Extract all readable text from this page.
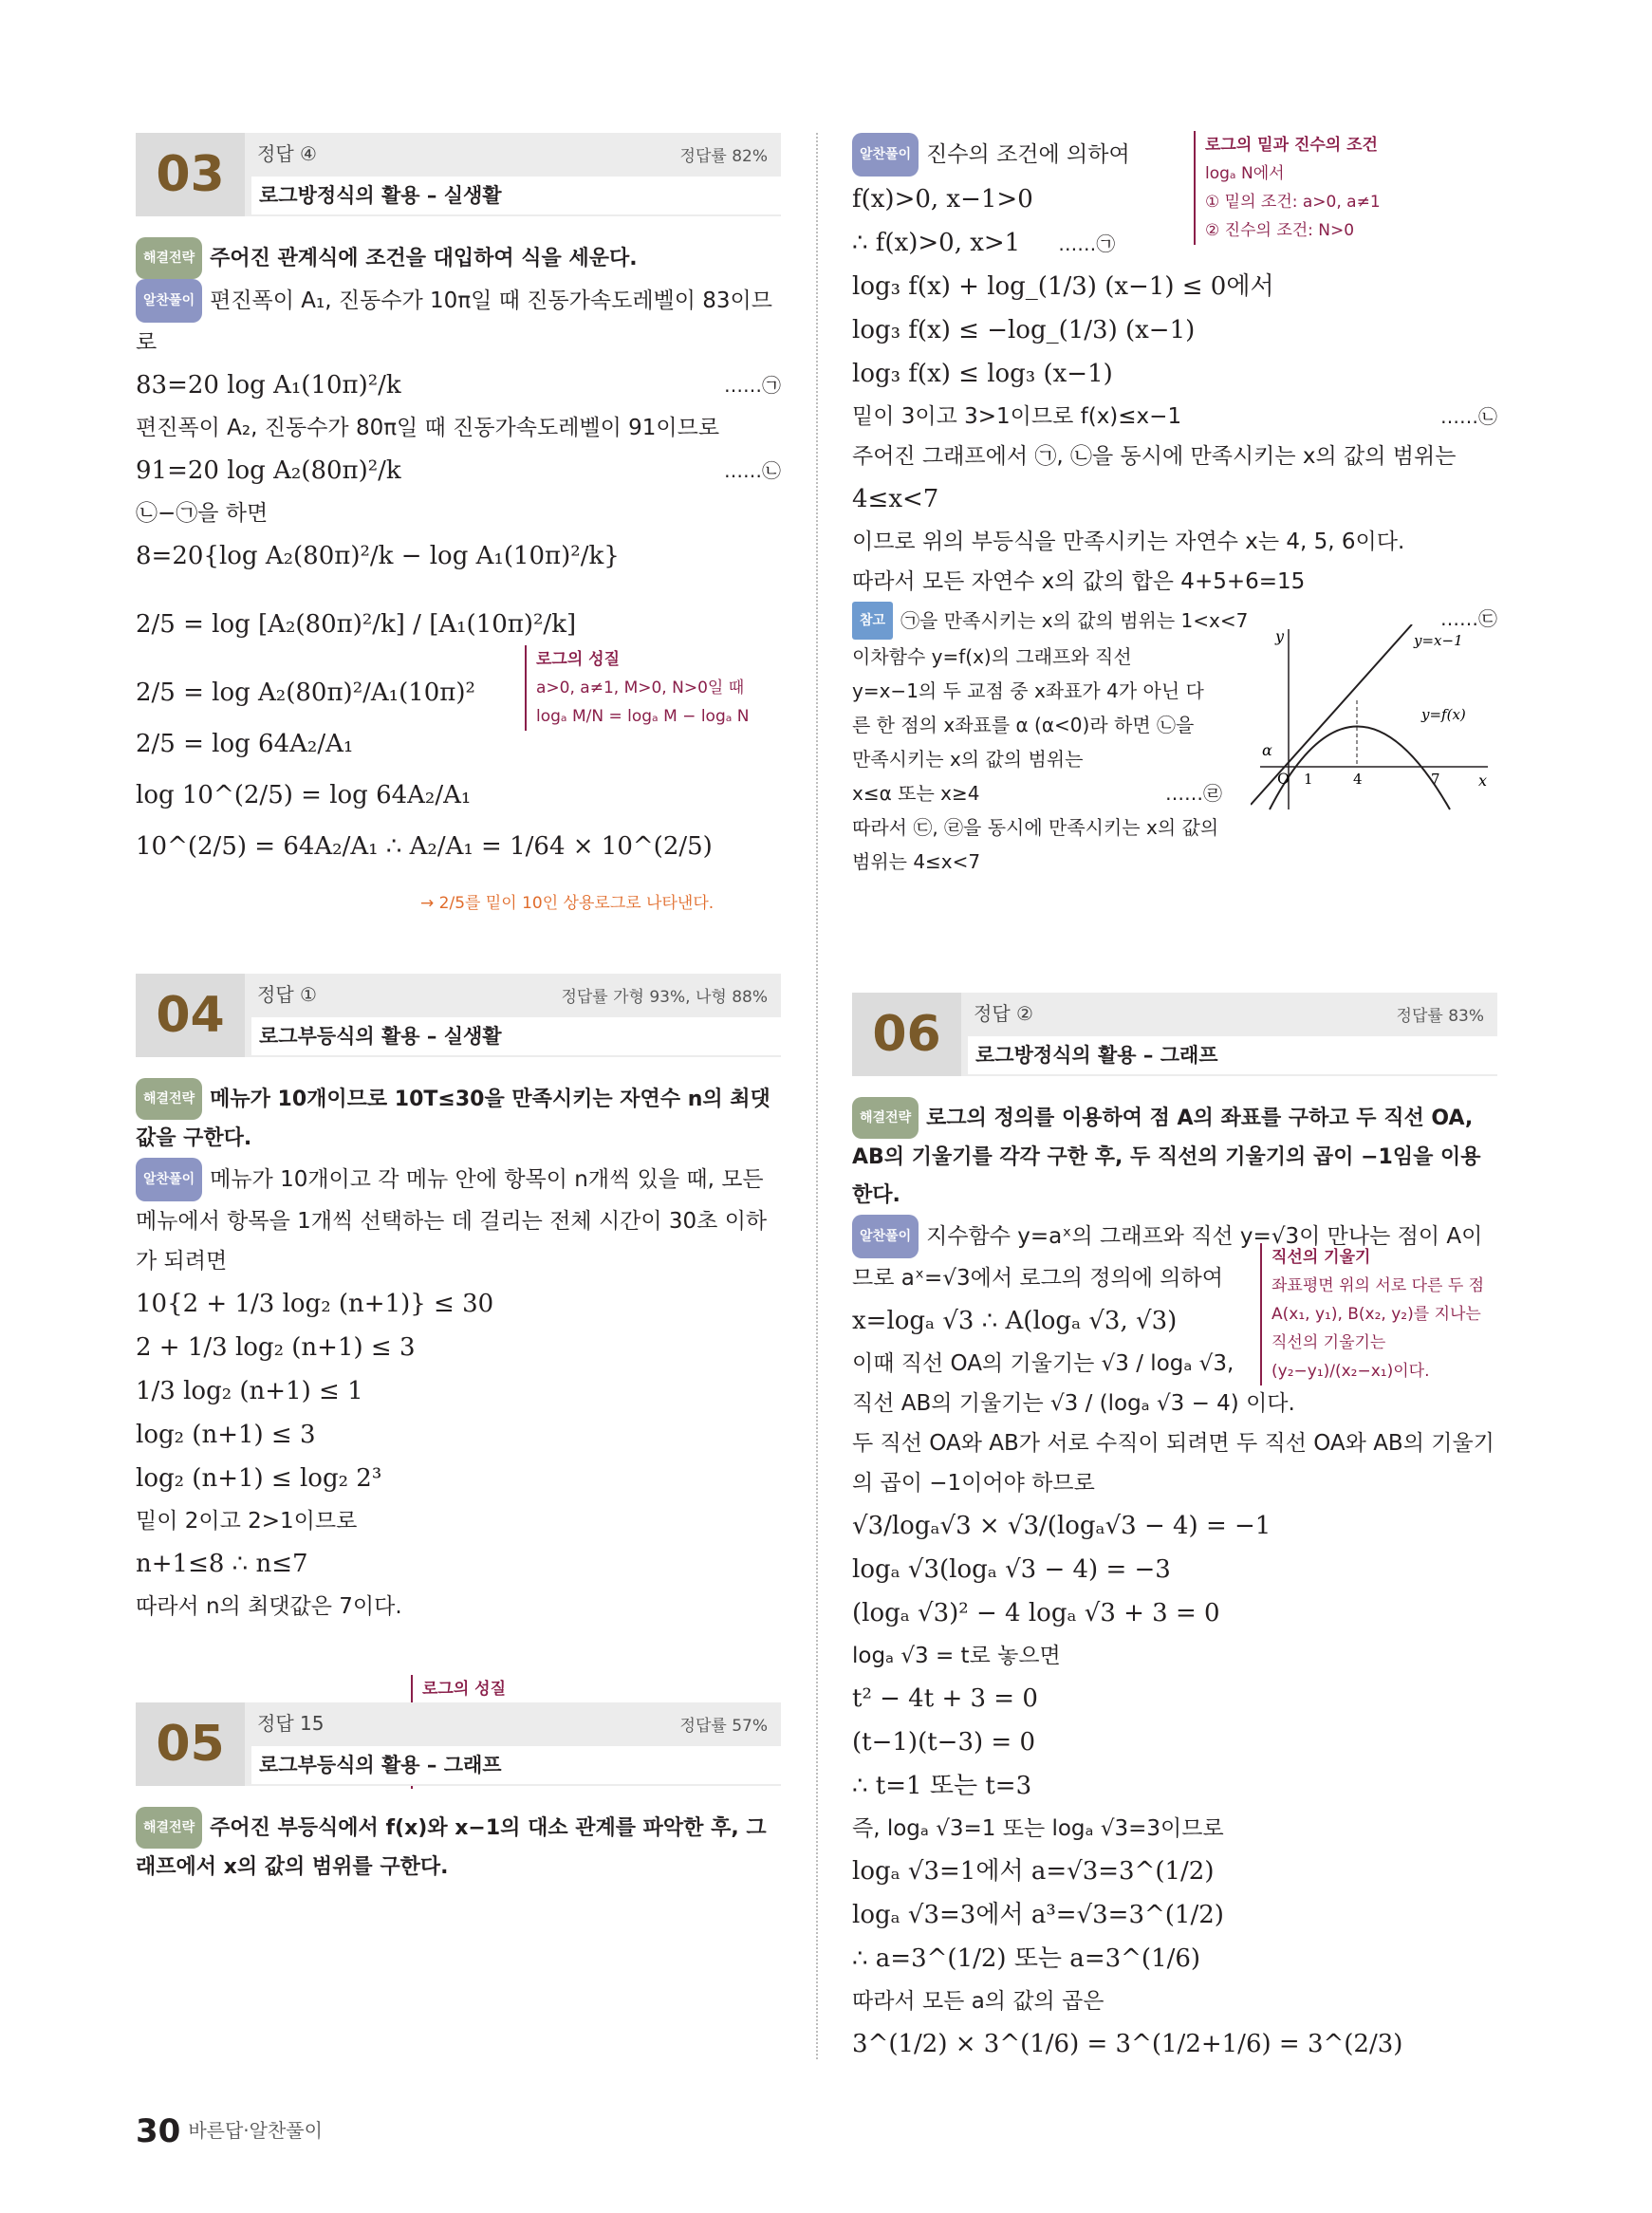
03	정답 ④	정답률 82%
로그방정식의 활용 – 실생활
해결전략 주어진 관계식에 조건을 대입하여 식을 세운다.
알찬풀이 편진폭이 A₁, 진동수가 10π일 때 진동가속도레벨이 83이므로
83=20 log A₁(10π)²/k	……㉠
편진폭이 A₂, 진동수가 80π일 때 진동가속도레벨이 91이므로
91=20 log A₂(80π)²/k	……㉡
㉡−㉠을 하면
8=20{log A₂(80π)²/k − log A₁(10π)²/k}
2/5 = log [A₂(80π)²/k] / [A₁(10π)²/k]
2/5 = log A₂(80π)²/A₁(10π)²
2/5 = log 64A₂/A₁
log 10^(2/5) = log 64A₂/A₁
10^(2/5) = 64A₂/A₁ ∴ A₂/A₁ = 1/64 × 10^(2/5)
로그의 성질
a>0, a≠1, M>0, N>0일 때
logₐ M/N = logₐ M − logₐ N
→ 2/5를 밑이 10인 상용로그로 나타낸다.
04	정답 ①	정답률 가형 93%, 나형 88%
로그부등식의 활용 – 실생활
해결전략 메뉴가 10개이므로 10T≤30을 만족시키는 자연수 n의 최댓값을 구한다.
알찬풀이 메뉴가 10개이고 각 메뉴 안에 항목이 n개씩 있을 때, 모든 메뉴에서 항목을 1개씩 선택하는 데 걸리는 전체 시간이 30초 이하가 되려면
10{2 + 1/3 log₂ (n+1)} ≤ 30
2 + 1/3 log₂ (n+1) ≤ 3
1/3 log₂ (n+1) ≤ 1
log₂ (n+1) ≤ 3
log₂ (n+1) ≤ log₂ 2³
밑이 2이고 2>1이므로
n+1≤8 ∴ n≤7
따라서 n의 최댓값은 7이다.
로그의 성질
05	정답 15	정답률 57%
로그부등식의 활용 – 그래프
해결전략 주어진 부등식에서 f(x)와 x−1의 대소 관계를 파악한 후, 그래프에서 x의 값의 범위를 구한다.
알찬풀이 진수의 조건에 의하여
f(x)>0, x−1>0
∴ f(x)>0, x>1 ……㉠
log₃ f(x) + log_(1/3) (x−1) ≤ 0에서
log₃ f(x) ≤ −log_(1/3) (x−1)
log₃ f(x) ≤ log₃ (x−1)
밑이 3이고 3>1이므로 f(x)≤x−1	……㉡
주어진 그래프에서 ㉠, ㉡을 동시에 만족시키는 x의 값의 범위는
4≤x<7
이므로 위의 부등식을 만족시키는 자연수 x는 4, 5, 6이다.
따라서 모든 자연수 x의 값의 합은 4+5+6=15
참고 ㉠을 만족시키는 x의 값의 범위는 1<x<7	……㉢
이차함수 y=f(x)의 그래프와 직선
y=x−1의 두 교점 중 x좌표가 4가 아닌 다
른 한 점의 x좌표를 α (α<0)라 하면 ㉡을
만족시키는 x의 값의 범위는
x≤α 또는 x≥4	……㉣
따라서 ㉢, ㉣을 동시에 만족시키는 x의 값의
범위는 4≤x<7
y
x
O
α
1	4	7
y=x−1
y=f(x)
로그의 밑과 진수의 조건
logₐ N에서
① 밑의 조건: a>0, a≠1
② 진수의 조건: N>0
06	정답 ②	정답률 83%
로그방정식의 활용 – 그래프
해결전략 로그의 정의를 이용하여 점 A의 좌표를 구하고 두 직선 OA, AB의 기울기를 각각 구한 후, 두 직선의 기울기의 곱이 −1임을 이용한다.
알찬풀이 지수함수 y=aˣ의 그래프와 직선 y=√3이 만나는 점이 A이므로 aˣ=√3에서 로그의 정의에 의하여
x=logₐ √3 ∴ A(logₐ √3, √3)
이때 직선 OA의 기울기는 √3 / logₐ √3,
직선 AB의 기울기는 √3 / (logₐ √3 − 4) 이다.
두 직선 OA와 AB가 서로 수직이 되려면 두 직선 OA와 AB의 기울기의 곱이 −1이어야 하므로
√3/logₐ√3 × √3/(logₐ√3 − 4) = −1
logₐ √3(logₐ √3 − 4) = −3
(logₐ √3)² − 4 logₐ √3 + 3 = 0
logₐ √3 = t로 놓으면
t² − 4t + 3 = 0
(t−1)(t−3) = 0
∴ t=1 또는 t=3
즉, logₐ √3=1 또는 logₐ √3=3이므로
logₐ √3=1에서 a=√3=3^(1/2)
logₐ √3=3에서 a³=√3=3^(1/2)
∴ a=3^(1/2) 또는 a=3^(1/6)
따라서 모든 a의 값의 곱은
3^(1/2) × 3^(1/6) = 3^(1/2+1/6) = 3^(2/3)
직선의 기울기
좌표평면 위의 서로 다른 두 점
A(x₁, y₁), B(x₂, y₂)를 지나는
직선의 기울기는 (y₂−y₁)/(x₂−x₁)이다.
30 바른답·알찬풀이
